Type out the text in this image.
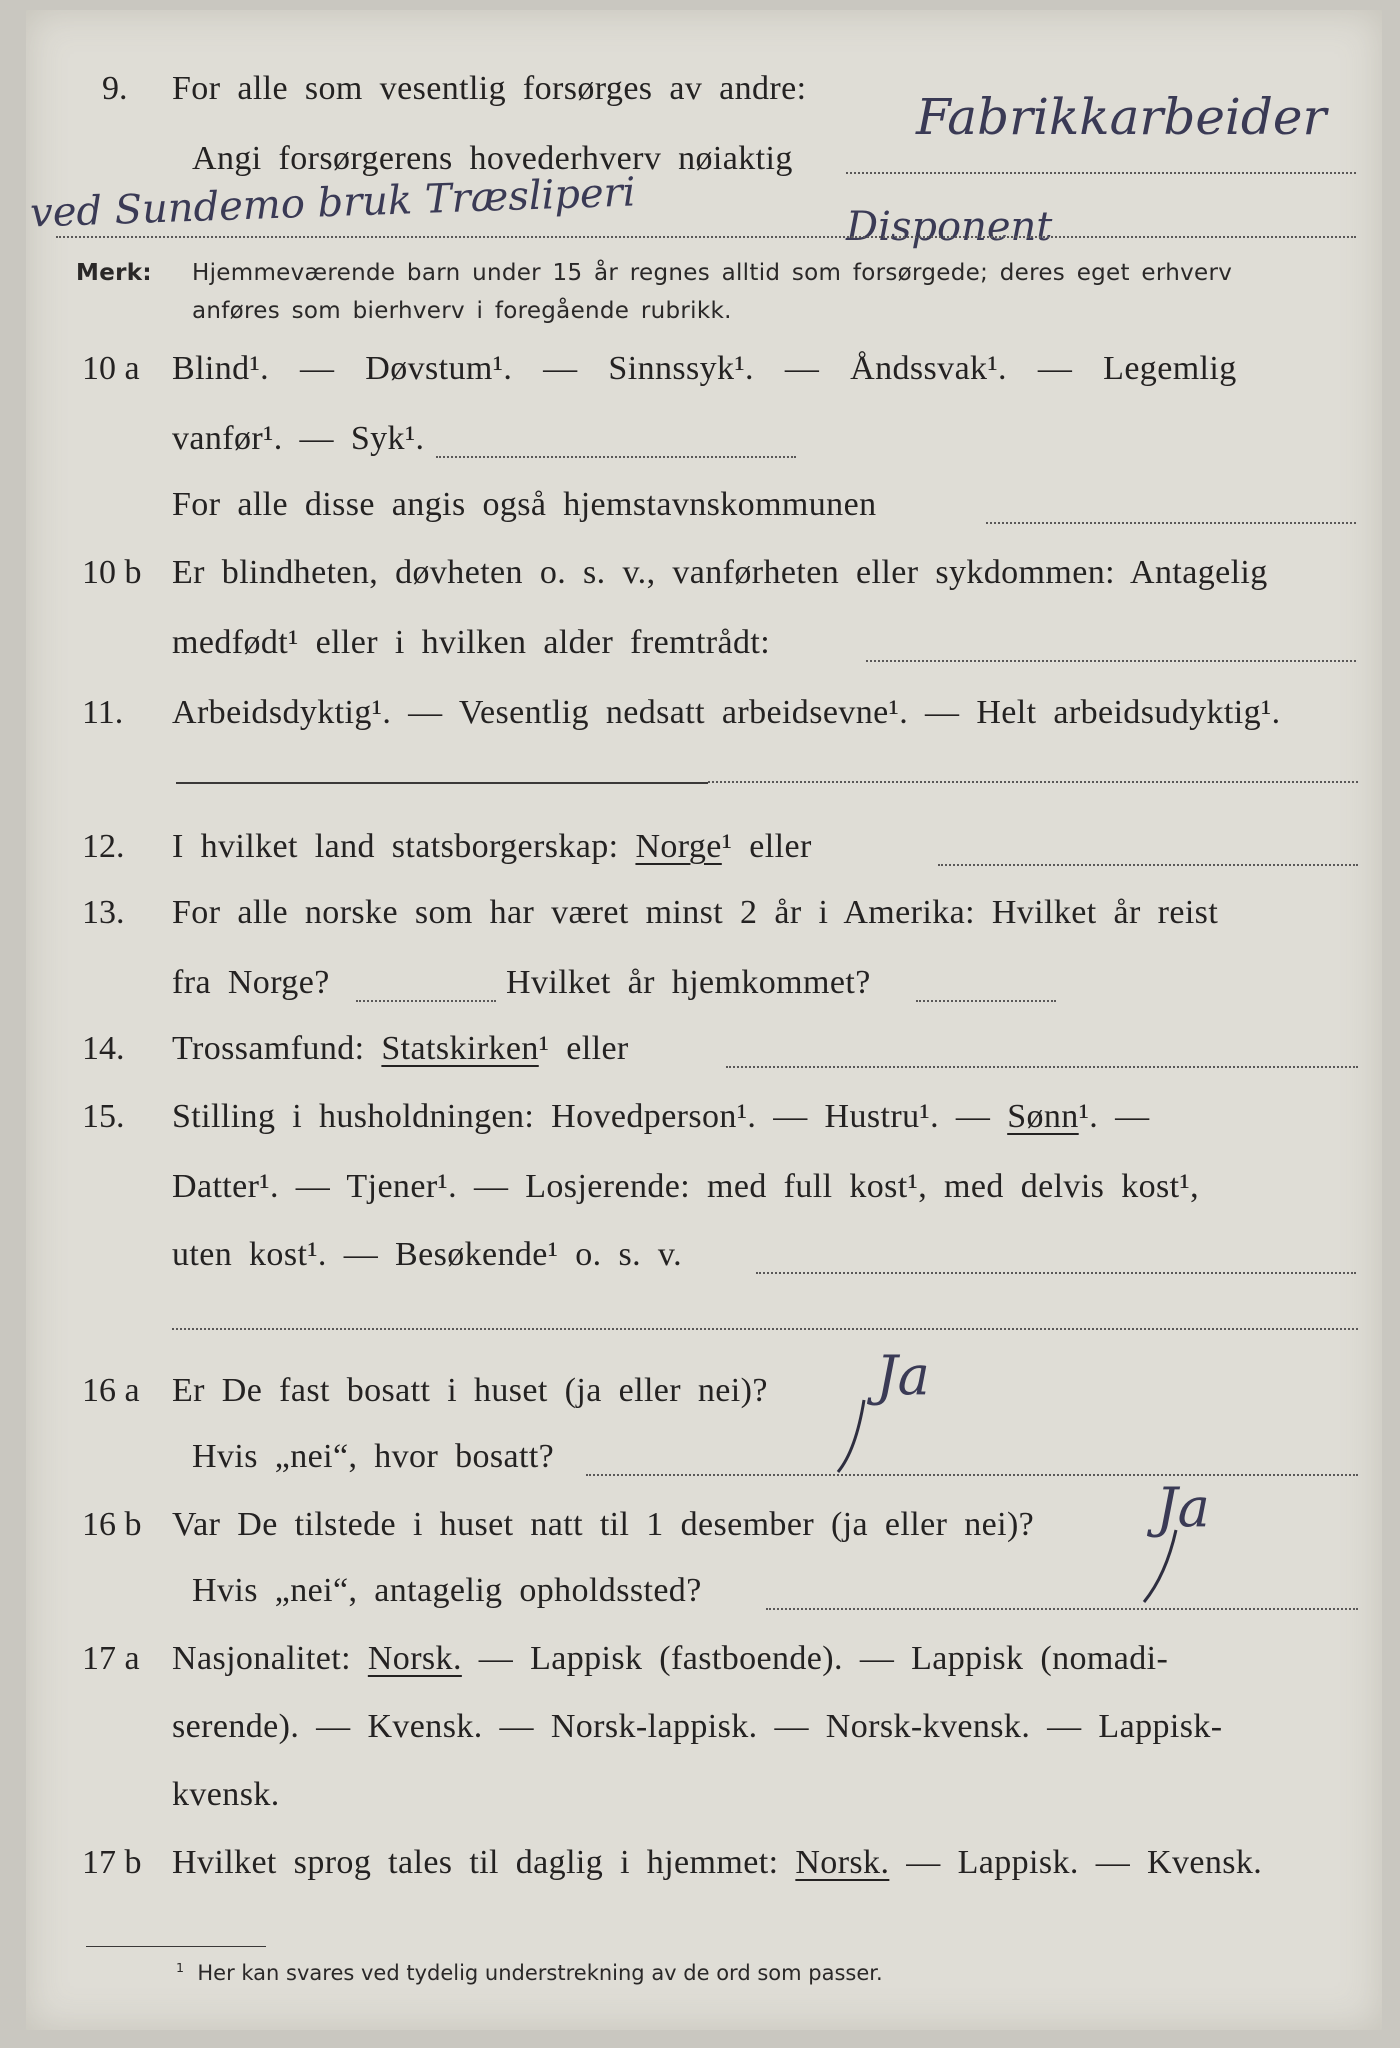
9. For alle som vesentlig forsørges av andre: Fabrikkarbeider
Angi forsørgerens hovederhverv nøiaktig
ved Sundemo bruk Træsliperi	Disponent
Merk: Hjemmeværende barn under 15 år regnes alltid som forsørgede; deres eget erhverv
anføres som bierhverv i foregående rubrikk.
10 a Blind¹. — Døvstum¹. — Sinnssyk¹. — Åndssvak¹. — Legemlig
vanfør¹. — Syk¹.
For alle disse angis også hjemstavnskommunen
10 b Er blindheten, døvheten o. s. v., vanførheten eller sykdommen: Antagelig
medfødt¹ eller i hvilken alder fremtrådt:
11. Arbeidsdyktig¹. — Vesentlig nedsatt arbeidsevne¹. — Helt arbeidsudyktig¹.
12. I hvilket land statsborgerskap: Norge¹ eller
13. For alle norske som har været minst 2 år i Amerika: Hvilket år reist
fra Norge?	Hvilket år hjemkommet?
14. Trossamfund: Statskirken¹ eller
15. Stilling i husholdningen: Hovedperson¹. — Hustru¹. — Sønn¹. —
Datter¹. — Tjener¹. — Losjerende: med full kost¹, med delvis kost¹,
uten kost¹. — Besøkende¹ o. s. v.
16 a Er De fast bosatt i huset (ja eller nei)? Ja
Hvis „nei“, hvor bosatt?
16 b Var De tilstede i huset natt til 1 desember (ja eller nei)? Ja
Hvis „nei“, antagelig opholdssted?
17 a Nasjonalitet: Norsk. — Lappisk (fastboende). — Lappisk (nomadi-
serende). — Kvensk. — Norsk-lappisk. — Norsk-kvensk. — Lappisk-
kvensk.
17 b Hvilket sprog tales til daglig i hjemmet: Norsk. — Lappisk. — Kvensk.
$^1$ Her kan svares ved tydelig understrekning av de ord som passer.
